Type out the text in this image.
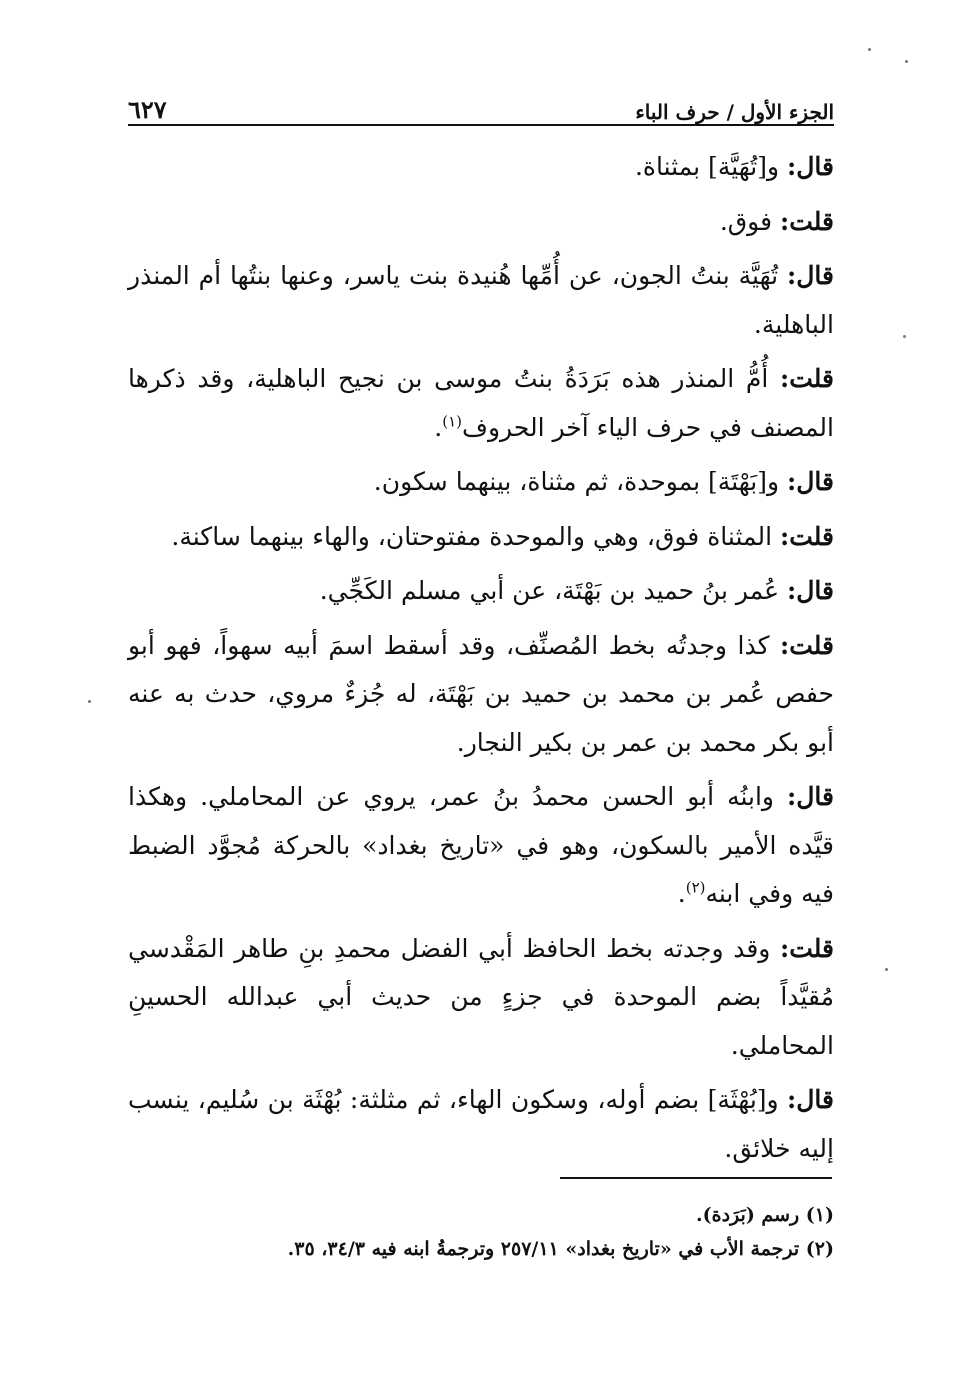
٦٢٧	الجزء الأول / حرف الباء

قال: و[تُهَيَّة] بمثناة.

قلت: فوق.

قال: تُهَيَّة بنتُ الجون، عن أُمِّها هُنيدة بنت ياسر، وعنها بنتُها أم المنذر الباهلية.

قلت: أُمُّ المنذر هذه بَرَدَةُ بنتُ موسى بن نجيح الباهلية، وقد ذكرها المصنف في حرف الياء آخر الحروف$^{(١)}$.

قال: و[بَهْتَة] بموحدة، ثم مثناة، بينهما سكون.

قلت: المثناة فوق، وهي والموحدة مفتوحتان، والهاء بينهما ساكنة.

قال: عُمر بنُ حميد بن بَهْتَة، عن أبي مسلم الكَجِّي.

قلت: كذا وجدتُه بخط المُصنِّف، وقد أسقط اسمَ أبيه سهواً، فهو أبو حفص عُمر بن محمد بن حميد بن بَهْتَة، له جُزءٌ مروي، حدث به عنه أبو بكر محمد بن عمر بن بكير النجار.

قال: وابنُه أبو الحسن محمدُ بنُ عمر، يروي عن المحاملي. وهكذا قيَّده الأمير بالسكون، وهو في «تاريخ بغداد» بالحركة مُجوَّد الضبط فيه وفي ابنه$^{(٢)}$.

قلت: وقد وجدته بخط الحافظ أبي الفضل محمدِ بنِ طاهر المَقْدسي مُقيَّداً بضم الموحدة في جزءٍ من حديث أبي عبدالله الحسينِ المحاملي.

قال: و[بُهْثَة] بضم أوله، وسكون الهاء، ثم مثلثة: بُهْثَة بن سُليم، ينسب إليه خلائق.

(١) رسم (بَرَدة).

(٢) ترجمة الأب في «تاريخ بغداد» ٢٥٧/١١ وترجمةُ ابنه فيه ٣٤/٣، ٣٥.
